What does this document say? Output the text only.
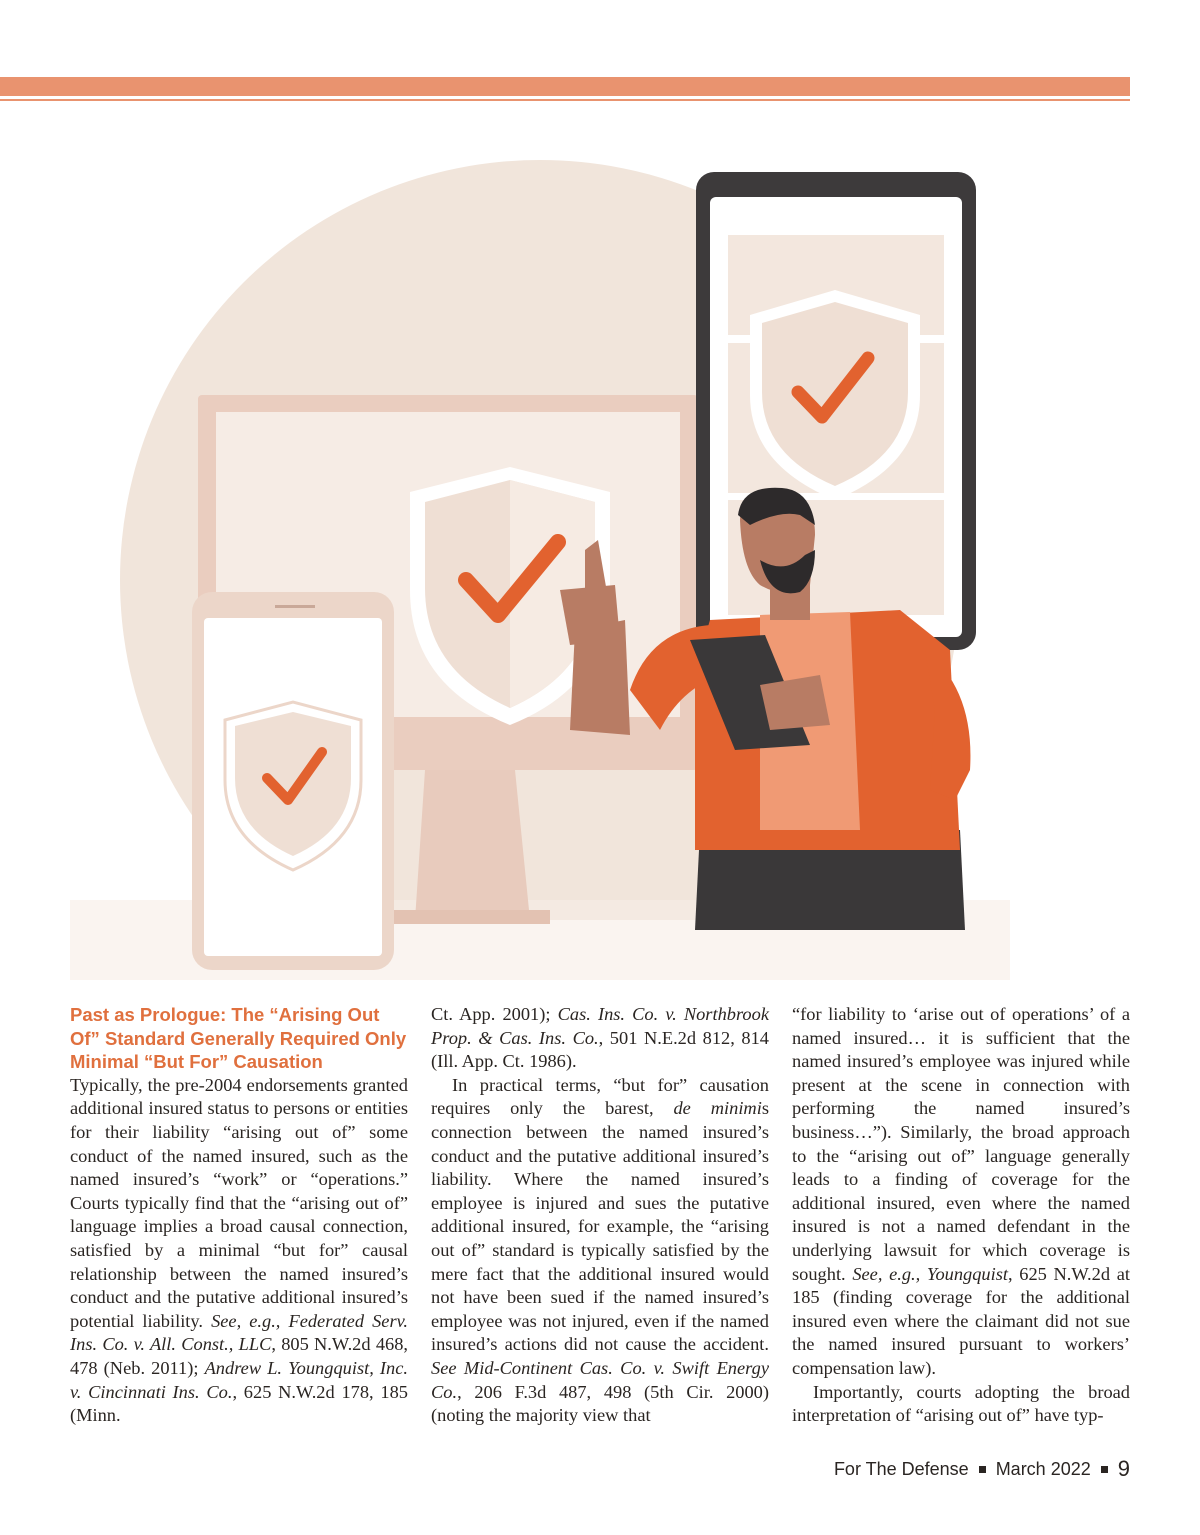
Past as Prologue: The “Arising Out Of” Standard Generally Required Only Minimal “But For” Causation

Typically, the pre-2004 endorsements granted additional insured status to persons or entities for their liability “arising out of” some conduct of the named insured, such as the named insured’s “work” or “operations.” Courts typically find that the “arising out of” language implies a broad causal connection, satisfied by a minimal “but for” causal relationship between the named insured’s conduct and the putative additional insured’s potential liability. See, e.g., Federated Serv. Ins. Co. v. All. Const., LLC, 805 N.W.2d 468, 478 (Neb. 2011); Andrew L. Youngquist, Inc. v. Cincinnati Ins. Co., 625 N.W.2d 178, 185 (Minn.

Ct. App. 2001); Cas. Ins. Co. v. Northbrook Prop. & Cas. Ins. Co., 501 N.E.2d 812, 814 (Ill. App. Ct. 1986).

In practical terms, “but for” causation requires only the barest, de minimis connection between the named insured’s conduct and the putative additional insured’s liability. Where the named insured’s employee is injured and sues the putative additional insured, for example, the “arising out of” standard is typically satisfied by the mere fact that the additional insured would not have been sued if the named insured’s employee was not injured, even if the named insured’s actions did not cause the accident. See Mid-Continent Cas. Co. v. Swift Energy Co., 206 F.3d 487, 498 (5th Cir. 2000) (noting the majority view that

“for liability to ‘arise out of operations’ of a named insured… it is sufficient that the named insured’s employee was injured while present at the scene in connection with performing the named insured’s business…”). Similarly, the broad approach to the “arising out of” language generally leads to a finding of coverage for the additional insured, even where the named insured is not a named defendant in the underlying lawsuit for which coverage is sought. See, e.g., Youngquist, 625 N.W.2d at 185 (finding coverage for the additional insured even where the claimant did not sue the named insured pursuant to workers’ compensation law).

Importantly, courts adopting the broad interpretation of “arising out of” have typ-

For The Defense March 2022 9
